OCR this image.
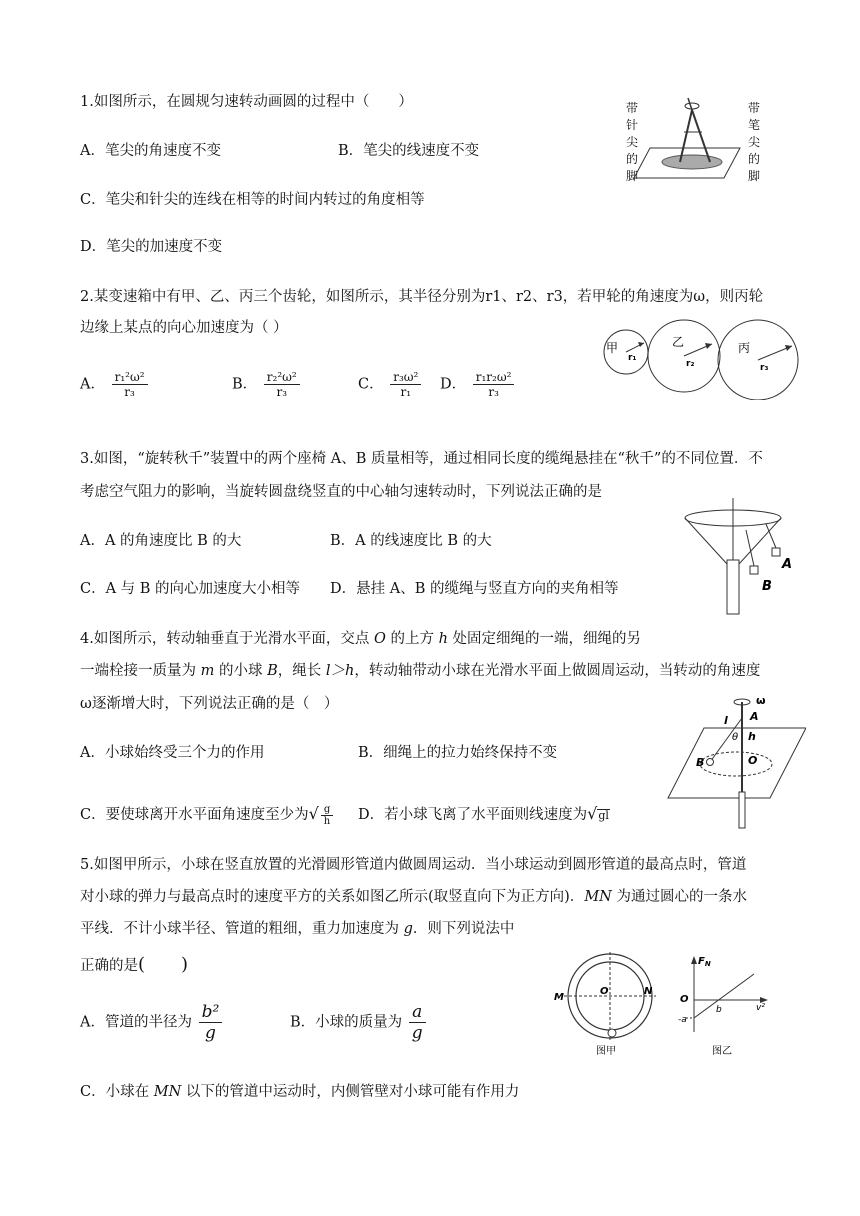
1.如图所示，在圆规匀速转动画圆的过程中（　　）
A．笔尖的角速度不变	B．笔尖的线速度不变
C．笔尖和针尖的连线在相等的时间内转过的角度相等
D．笔尖的加速度不变
带
针
尖
的
脚
带
笔
尖
的
脚
2.某变速箱中有甲、乙、丙三个齿轮，如图所示，其半径分别为r1、r2、r3，若甲轮的角速度为ω，则丙轮
边缘上某点的向心加速度为（ ）
A． $\frac{\text{r₁²ω²}}{\text{r₃}}$	B． $\frac{\text{r₂²ω²}}{\text{r₃}}$	C． $\frac{\text{r₃ω²}}{\text{r₁}}$ D． $\frac{\text{r₁r₂ω²}}{\text{r₃}}$
甲
r₁
乙
r₂
丙
r₃
3.如图，“旋转秋千”装置中的两个座椅 A、B 质量相等，通过相同长度的缆绳悬挂在“秋千”的不同位置．不
考虑空气阻力的影响，当旋转圆盘绕竖直的中心轴匀速转动时，下列说法正确的是
A．A 的角速度比 B 的大	B．A 的线速度比 B 的大
C．A 与 B 的向心加速度大小相等 D．悬挂 A、B 的缆绳与竖直方向的夹角相等
A
B
4.如图所示，转动轴垂直于光滑水平面，交点 O 的上方 h 处固定细绳的一端，细绳的另
一端栓接一质量为 m 的小球 B，绳长 l＞h，转动轴带动小球在光滑水平面上做圆周运动，当转动的角速度
ω逐渐增大时，下列说法正确的是（　）
A．小球始终受三个力的作用	B．细绳上的拉力始终保持不变
C．要使球离开水平面角速度至少为√ $\frac{g}{h}$ D．若小球飞离了水平面则线速度为√gl
ω
l A
θ h
B	O
5.如图甲所示，小球在竖直放置的光滑圆形管道内做圆周运动．当小球运动到圆形管道的最高点时，管道
对小球的弹力与最高点时的速度平方的关系如图乙所示(取竖直向下为正方向)．MN 为通过圆心的一条水
平线．不计小球半径、管道的粗细，重力加速度为 g．则下列说法中
正确的是(　　)
A．管道的半径为 $\frac{\text{b²}}{g}$	B．小球的质量为 $\frac{a}{g}$
C．小球在 MN 以下的管道中运动时，内侧管壁对小球可能有作用力
M
N
O
图甲
$F_N$
O
-a
b	v²
图乙
